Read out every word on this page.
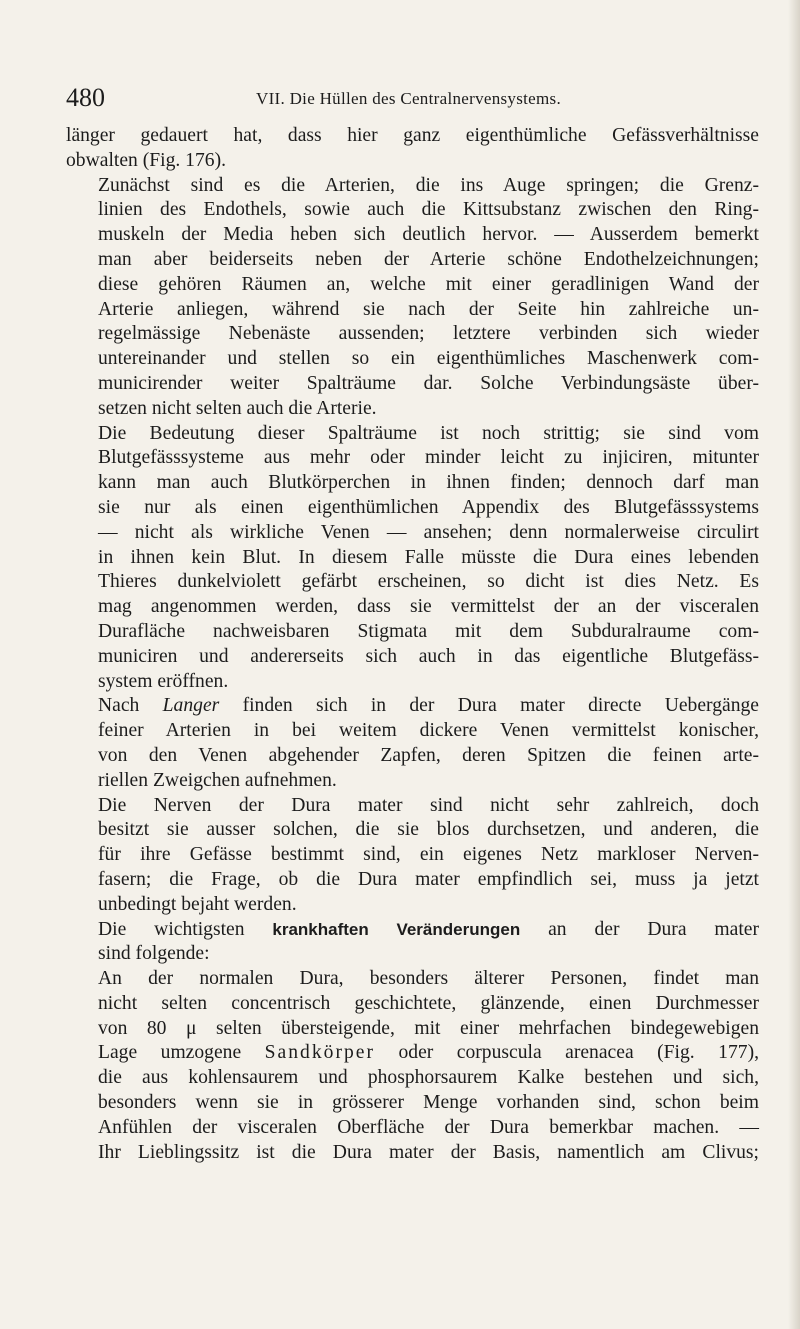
480	VII. Die Hüllen des Centralnervensystems.

länger gedauert hat, dass hier ganz eigenthümliche Gefässverhältnisse
obwalten (Fig. 176).

Zunächst sind es die Arterien, die ins Auge springen; die Grenz-
linien des Endothels, sowie auch die Kittsubstanz zwischen den Ring-
muskeln der Media heben sich deutlich hervor. — Ausserdem bemerkt
man aber beiderseits neben der Arterie schöne Endothelzeichnungen;
diese gehören Räumen an, welche mit einer geradlinigen Wand der
Arterie anliegen, während sie nach der Seite hin zahlreiche un-
regelmässige Nebenäste aussenden; letztere verbinden sich wieder
untereinander und stellen so ein eigenthümliches Maschenwerk com-
municirender weiter Spalträume dar. Solche Verbindungsäste über-
setzen nicht selten auch die Arterie.

Die Bedeutung dieser Spalträume ist noch strittig; sie sind vom
Blutgefässsysteme aus mehr oder minder leicht zu injiciren, mitunter
kann man auch Blutkörperchen in ihnen finden; dennoch darf man
sie nur als einen eigenthümlichen Appendix des Blutgefässsystems
— nicht als wirkliche Venen — ansehen; denn normalerweise circulirt
in ihnen kein Blut. In diesem Falle müsste die Dura eines lebenden
Thieres dunkelviolett gefärbt erscheinen, so dicht ist dies Netz. Es
mag angenommen werden, dass sie vermittelst der an der visceralen
Durafläche nachweisbaren Stigmata mit dem Subduralraume com-
municiren und andererseits sich auch in das eigentliche Blutgefäss-
system eröffnen.

Nach Langer finden sich in der Dura mater directe Uebergänge
feiner Arterien in bei weitem dickere Venen vermittelst konischer,
von den Venen abgehender Zapfen, deren Spitzen die feinen arte-
riellen Zweigchen aufnehmen.

Die Nerven der Dura mater sind nicht sehr zahlreich, doch
besitzt sie ausser solchen, die sie blos durchsetzen, und anderen, die
für ihre Gefässe bestimmt sind, ein eigenes Netz markloser Nerven-
fasern; die Frage, ob die Dura mater empfindlich sei, muss ja jetzt
unbedingt bejaht werden.

Die wichtigsten krankhaften Veränderungen an der Dura mater
sind folgende:

An der normalen Dura, besonders älterer Personen, findet man
nicht selten concentrisch geschichtete, glänzende, einen Durchmesser
von 80 μ selten übersteigende, mit einer mehrfachen bindegewebigen
Lage umzogene Sandkörper oder corpuscula arenacea (Fig. 177),
die aus kohlensaurem und phosphorsaurem Kalke bestehen und sich,
besonders wenn sie in grösserer Menge vorhanden sind, schon beim
Anfühlen der visceralen Oberfläche der Dura bemerkbar machen. —
Ihr Lieblingssitz ist die Dura mater der Basis, namentlich am Clivus;
